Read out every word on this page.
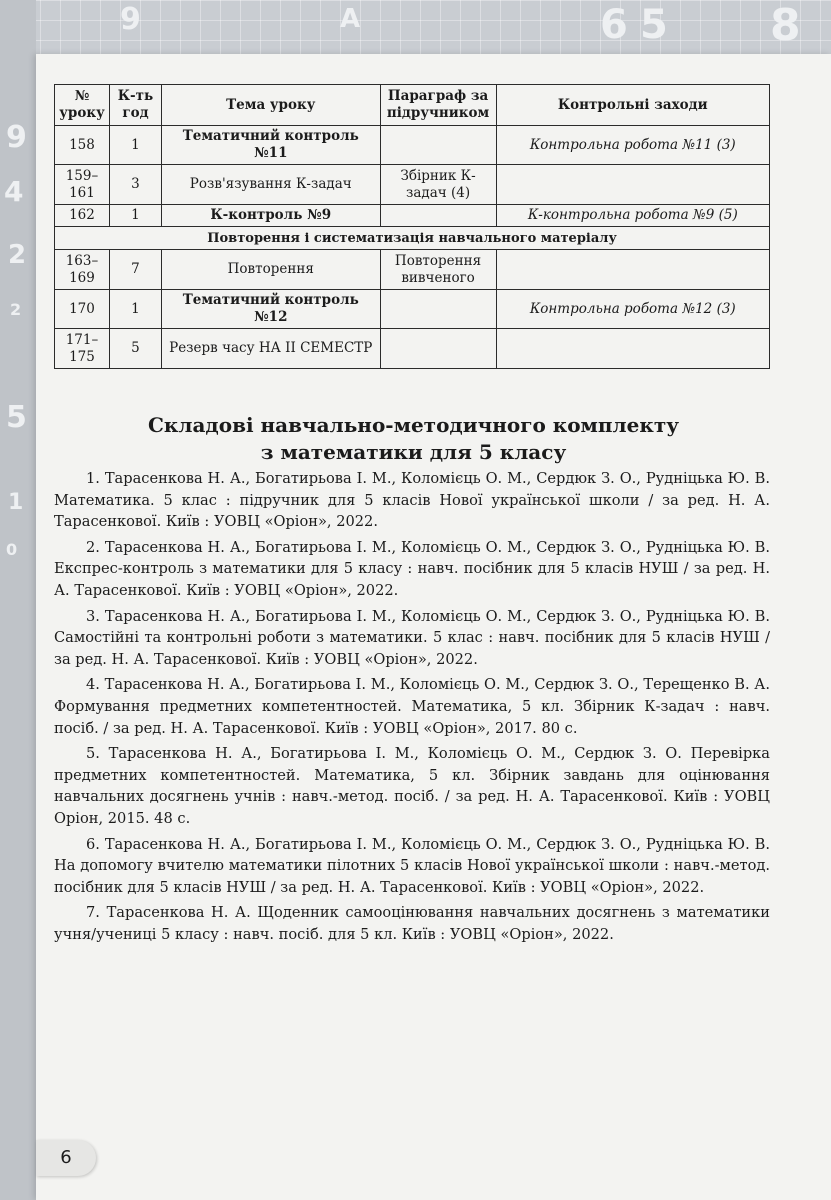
9
4
2
2
5
1
0
9	A	6 5 8
№ уроку	К-ть год	Тема уроку	Параграф за підручником	Контрольні заходи
158	1	Тематичний контроль №11		Контрольна робота №11 (3)
159–161	3	Розв'язування К-задач	Збірник К-задач (4)	
162	1	К-контроль №9		К-контрольна робота №9 (5)
Повторення і систематизація навчального матеріалу				
163–169	7	Повторення	Повторення вивченого	
170	1	Тематичний контроль №12		Контрольна робота №12 (3)
171–175	5	Резерв часу НА ІІ СЕМЕСТР		
Складові навчально-методичного комплекту
з математики для 5 класу

1. Тарасенкова Н. А., Богатирьова І. М., Коломієць О. М., Сердюк З. О., Рудніцька Ю. В. Математика. 5 клас : підручник для 5 класів Нової української школи / за ред. Н. А. Тарасенкової. Київ : УОВЦ «Оріон», 2022.

2. Тарасенкова Н. А., Богатирьова І. М., Коломієць О. М., Сердюк З. О., Рудніцька Ю. В. Експрес-контроль з математики для 5 класу : навч. посібник для 5 класів НУШ / за ред. Н. А. Тарасенкової. Київ : УОВЦ «Оріон», 2022.

3. Тарасенкова Н. А., Богатирьова І. М., Коломієць О. М., Сердюк З. О., Рудніцька Ю. В. Самостійні та контрольні роботи з математики. 5 клас : навч. посібник для 5 класів НУШ / за ред. Н. А. Тарасенкової. Київ : УОВЦ «Оріон», 2022.

4. Тарасенкова Н. А., Богатирьова І. М., Коломієць О. М., Сердюк З. О., Терещенко В. А. Формування предметних компетентностей. Математика, 5 кл. Збірник К-задач : навч. посіб. / за ред. Н. А. Тарасенкової. Київ : УОВЦ «Оріон», 2017. 80 с.

5. Тарасенкова Н. А., Богатирьова І. М., Коломієць О. М., Сердюк З. О. Перевірка предметних компетентностей. Математика, 5 кл. Збірник завдань для оцінювання навчальних досягнень учнів : навч.-метод. посіб. / за ред. Н. А. Тарасенкової. Київ : УОВЦ Оріон, 2015. 48 с.

6. Тарасенкова Н. А., Богатирьова І. М., Коломієць О. М., Сердюк З. О., Рудніцька Ю. В. На допомогу вчителю математики пілотних 5 класів Нової української школи : навч.-метод. посібник для 5 класів НУШ / за ред. Н. А. Тарасенкової. Київ : УОВЦ «Оріон», 2022.

7. Тарасенкова Н. А. Щоденник самооцінювання навчальних досягнень з математики учня/учениці 5 класу : навч. посіб. для 5 кл. Київ : УОВЦ «Оріон», 2022.

6
